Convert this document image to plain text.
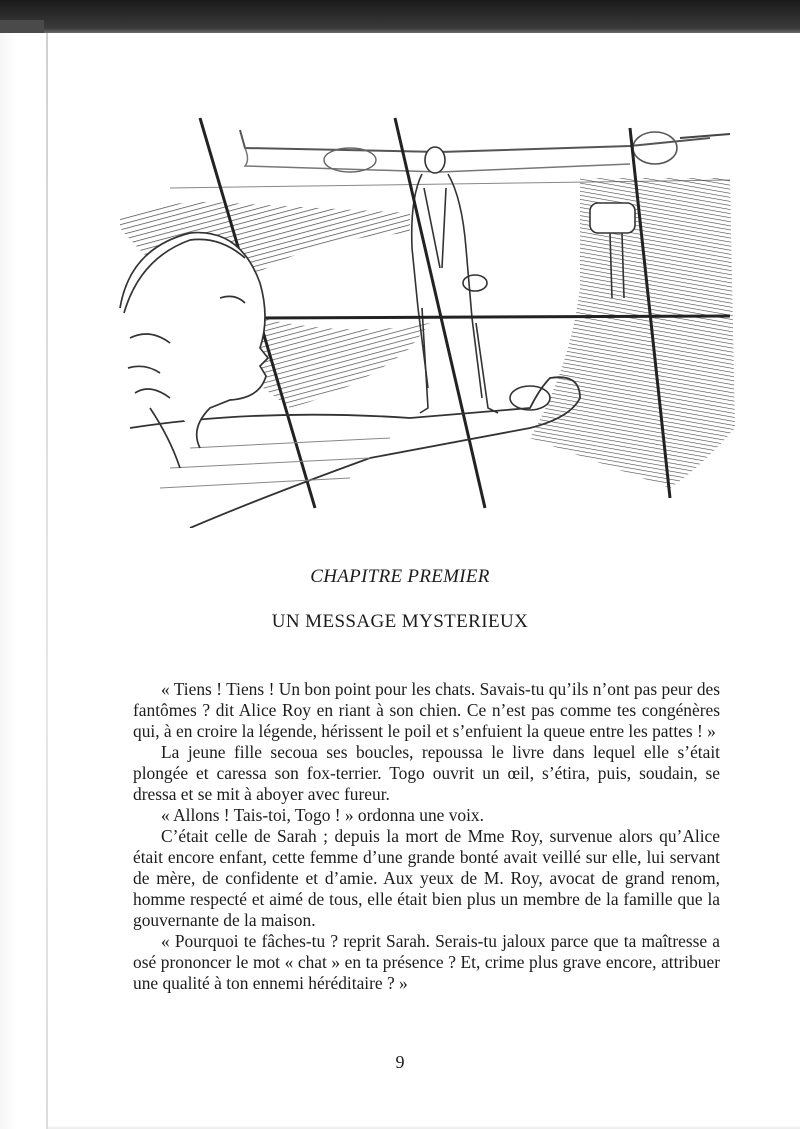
CHAPITRE PREMIER
UN MESSAGE MYSTERIEUX

« Tiens ! Tiens ! Un bon point pour les chats. Savais-tu qu’ils n’ont pas peur des fantômes ? dit Alice Roy en riant à son chien. Ce n’est pas comme tes congénères qui, à en croire la légende, hérissent le poil et s’enfuient la queue entre les pattes ! »

La jeune fille secoua ses boucles, repoussa le livre dans lequel elle s’était plongée et caressa son fox-terrier. Togo ouvrit un œil, s’étira, puis, soudain, se dressa et se mit à aboyer avec fureur.

« Allons ! Tais-toi, Togo ! » ordonna une voix.

C’était celle de Sarah ; depuis la mort de Mme Roy, survenue alors qu’Alice était encore enfant, cette femme d’une grande bonté avait veillé sur elle, lui servant de mère, de confidente et d’amie. Aux yeux de M. Roy, avocat de grand renom, homme respecté et aimé de tous, elle était bien plus un membre de la famille que la gouvernante de la maison.

« Pourquoi te fâches-tu ? reprit Sarah. Serais-tu jaloux parce que ta maîtresse a osé prononcer le mot « chat » en ta présence ? Et, crime plus grave encore, attribuer une qualité à ton ennemi héréditaire ? »

9
